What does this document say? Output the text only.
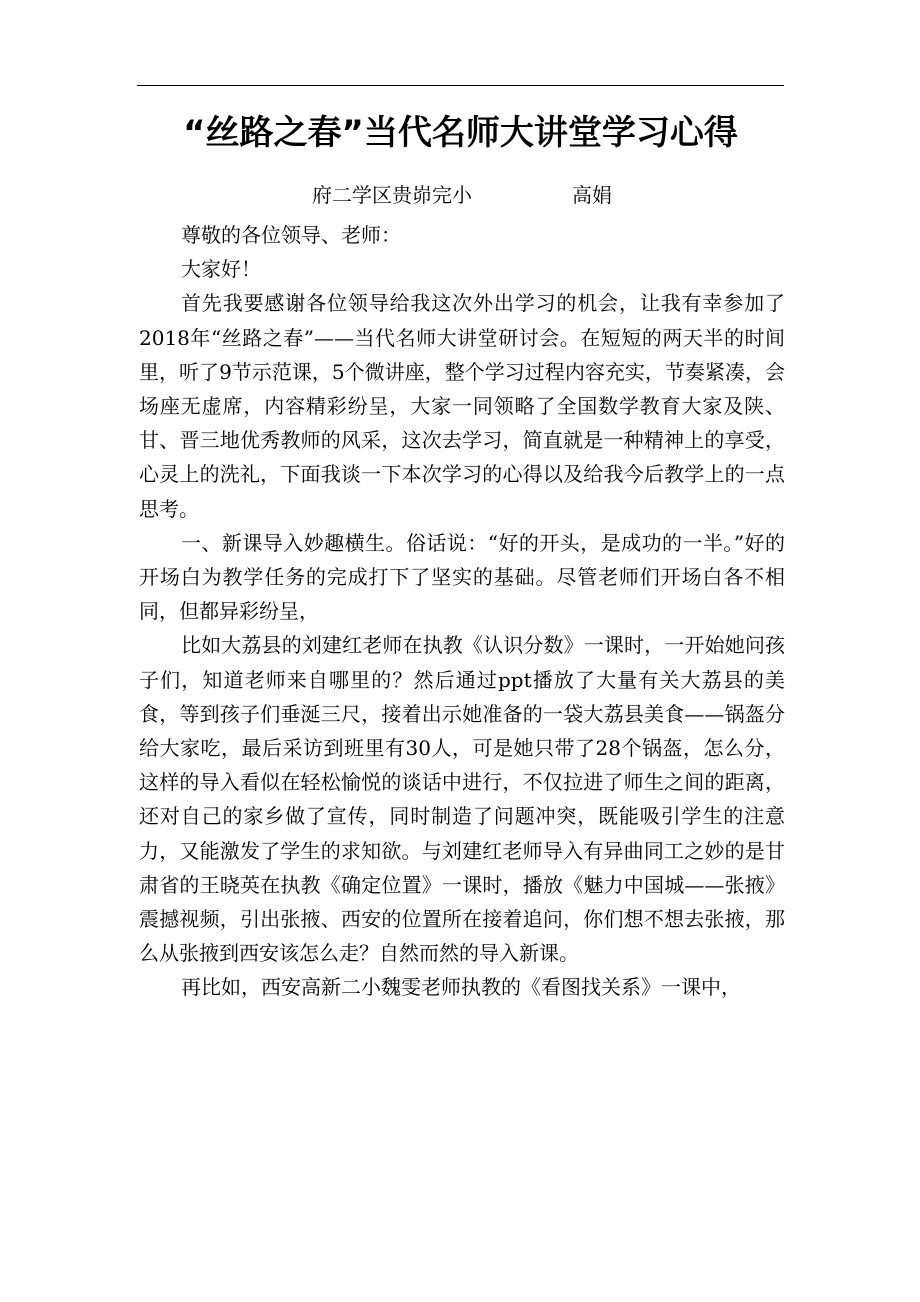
“丝路之春”当代名师大讲堂学习心得
府二学区贵峁完小	高娟

尊敬的各位领导、老师：

大家好！

首先我要感谢各位领导给我这次外出学习的机会，让我有幸参加了2018年“丝路之春”——当代名师大讲堂研讨会。在短短的两天半的时间里，听了9节示范课，5个微讲座，整个学习过程内容充实，节奏紧凑，会场座无虚席，内容精彩纷呈，大家一同领略了全国数学教育大家及陕、甘、晋三地优秀教师的风采，这次去学习，简直就是一种精神上的享受，心灵上的洗礼，下面我谈一下本次学习的心得以及给我今后教学上的一点思考。

一、新课导入妙趣横生。俗话说：“好的开头，是成功的一半。”好的开场白为教学任务的完成打下了坚实的基础。尽管老师们开场白各不相同，但都异彩纷呈，

比如大荔县的刘建红老师在执教《认识分数》一课时，一开始她问孩子们，知道老师来自哪里的？然后通过ppt播放了大量有关大荔县的美食，等到孩子们垂涎三尺，接着出示她准备的一袋大荔县美食——锅盔分给大家吃，最后采访到班里有30人，可是她只带了28个锅盔，怎么分，这样的导入看似在轻松愉悦的谈话中进行，不仅拉进了师生之间的距离，还对自己的家乡做了宣传，同时制造了问题冲突，既能吸引学生的注意力，又能激发了学生的求知欲。与刘建红老师导入有异曲同工之妙的是甘肃省的王晓英在执教《确定位置》一课时，播放《魅力中国城——张掖》震撼视频，引出张掖、西安的位置所在接着追问，你们想不想去张掖，那么从张掖到西安该怎么走？自然而然的导入新课。

再比如，西安高新二小魏雯老师执教的《看图找关系》一课中，
